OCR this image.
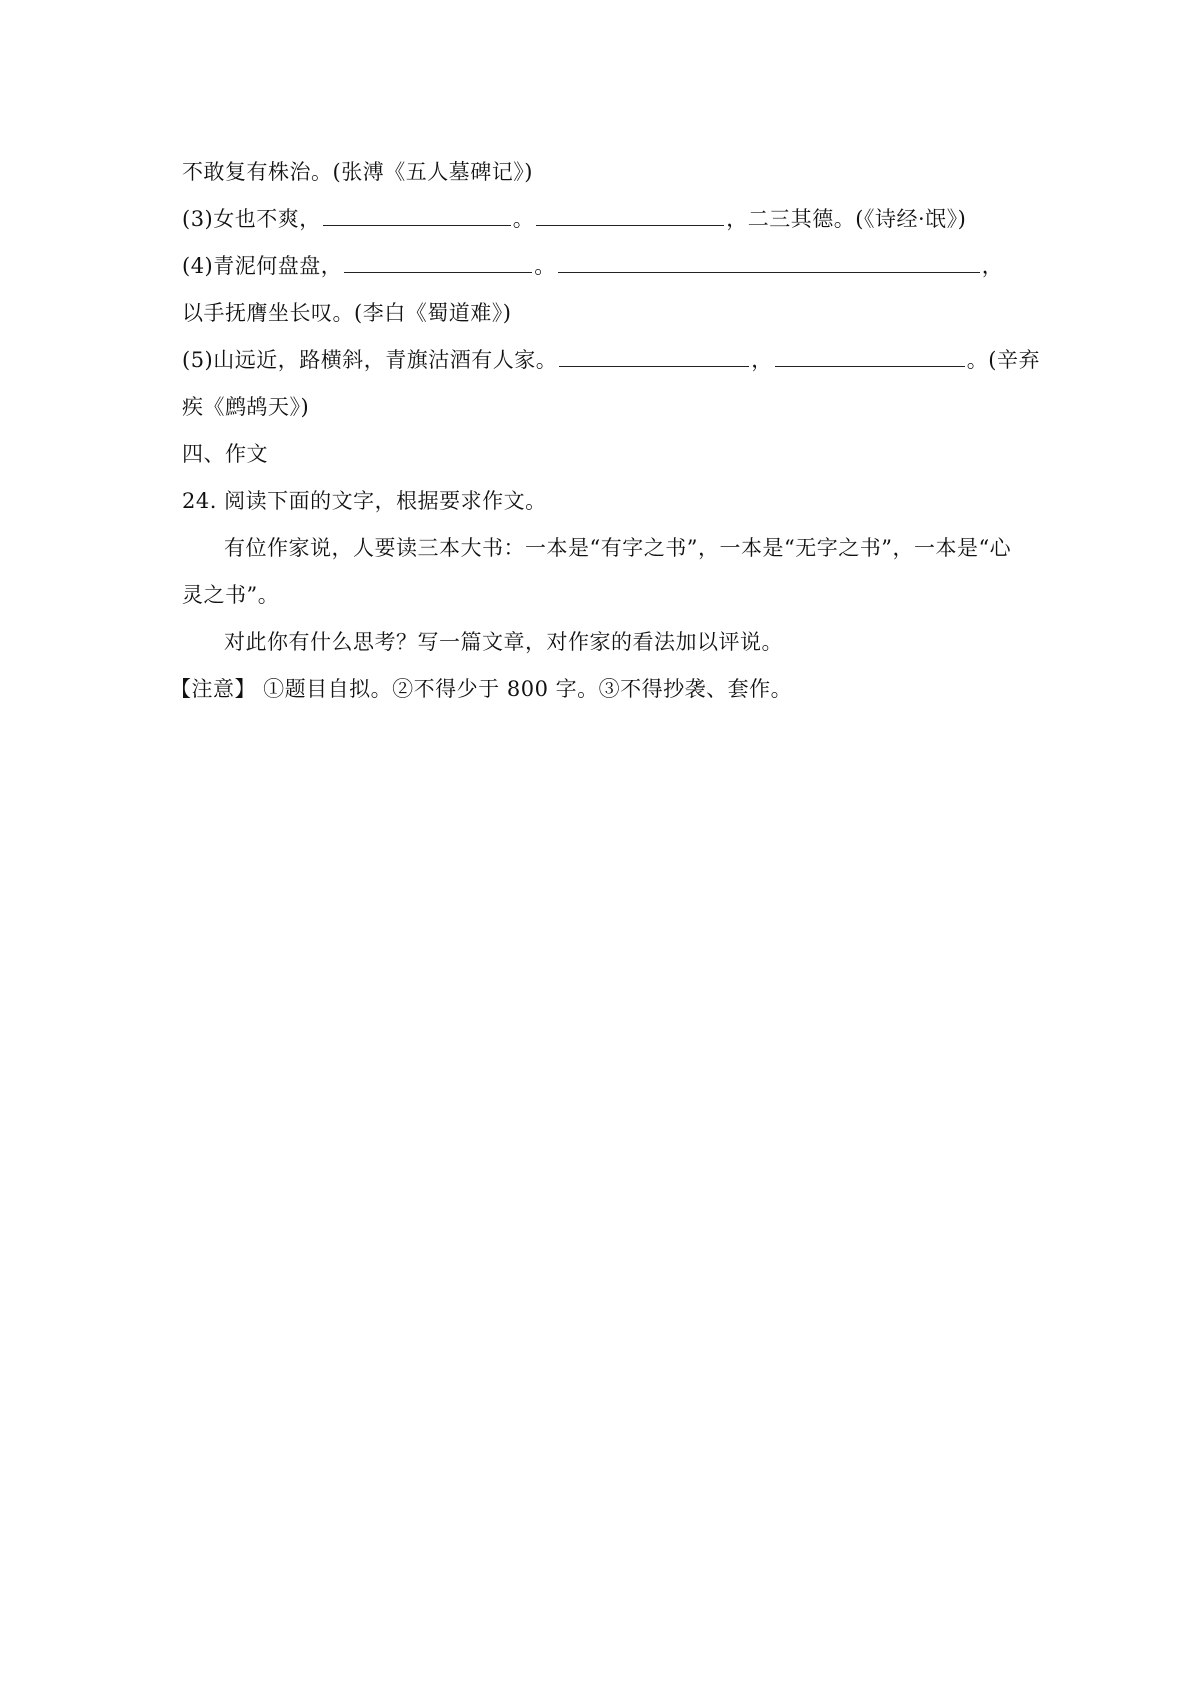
不敢复有株治。(张溥《五人墓碑记》)
(3)女也不爽，	。	，二三其德。(《诗经·氓》)
(4)青泥何盘盘，	。	，
以手抚膺坐长叹。(李白《蜀道难》)
(5)山远近，路横斜，青旗沽酒有人家。	，	。(辛弃
疾《鹧鸪天》)
四、作文
24. 阅读下面的文字，根据要求作文。
有位作家说，人要读三本大书：一本是“有字之书”，一本是“无字之书”，一本是“心
灵之书”。
对此你有什么思考？写一篇文章，对作家的看法加以评说。
【注意】 ①题目自拟。②不得少于 800 字。③不得抄袭、套作。
